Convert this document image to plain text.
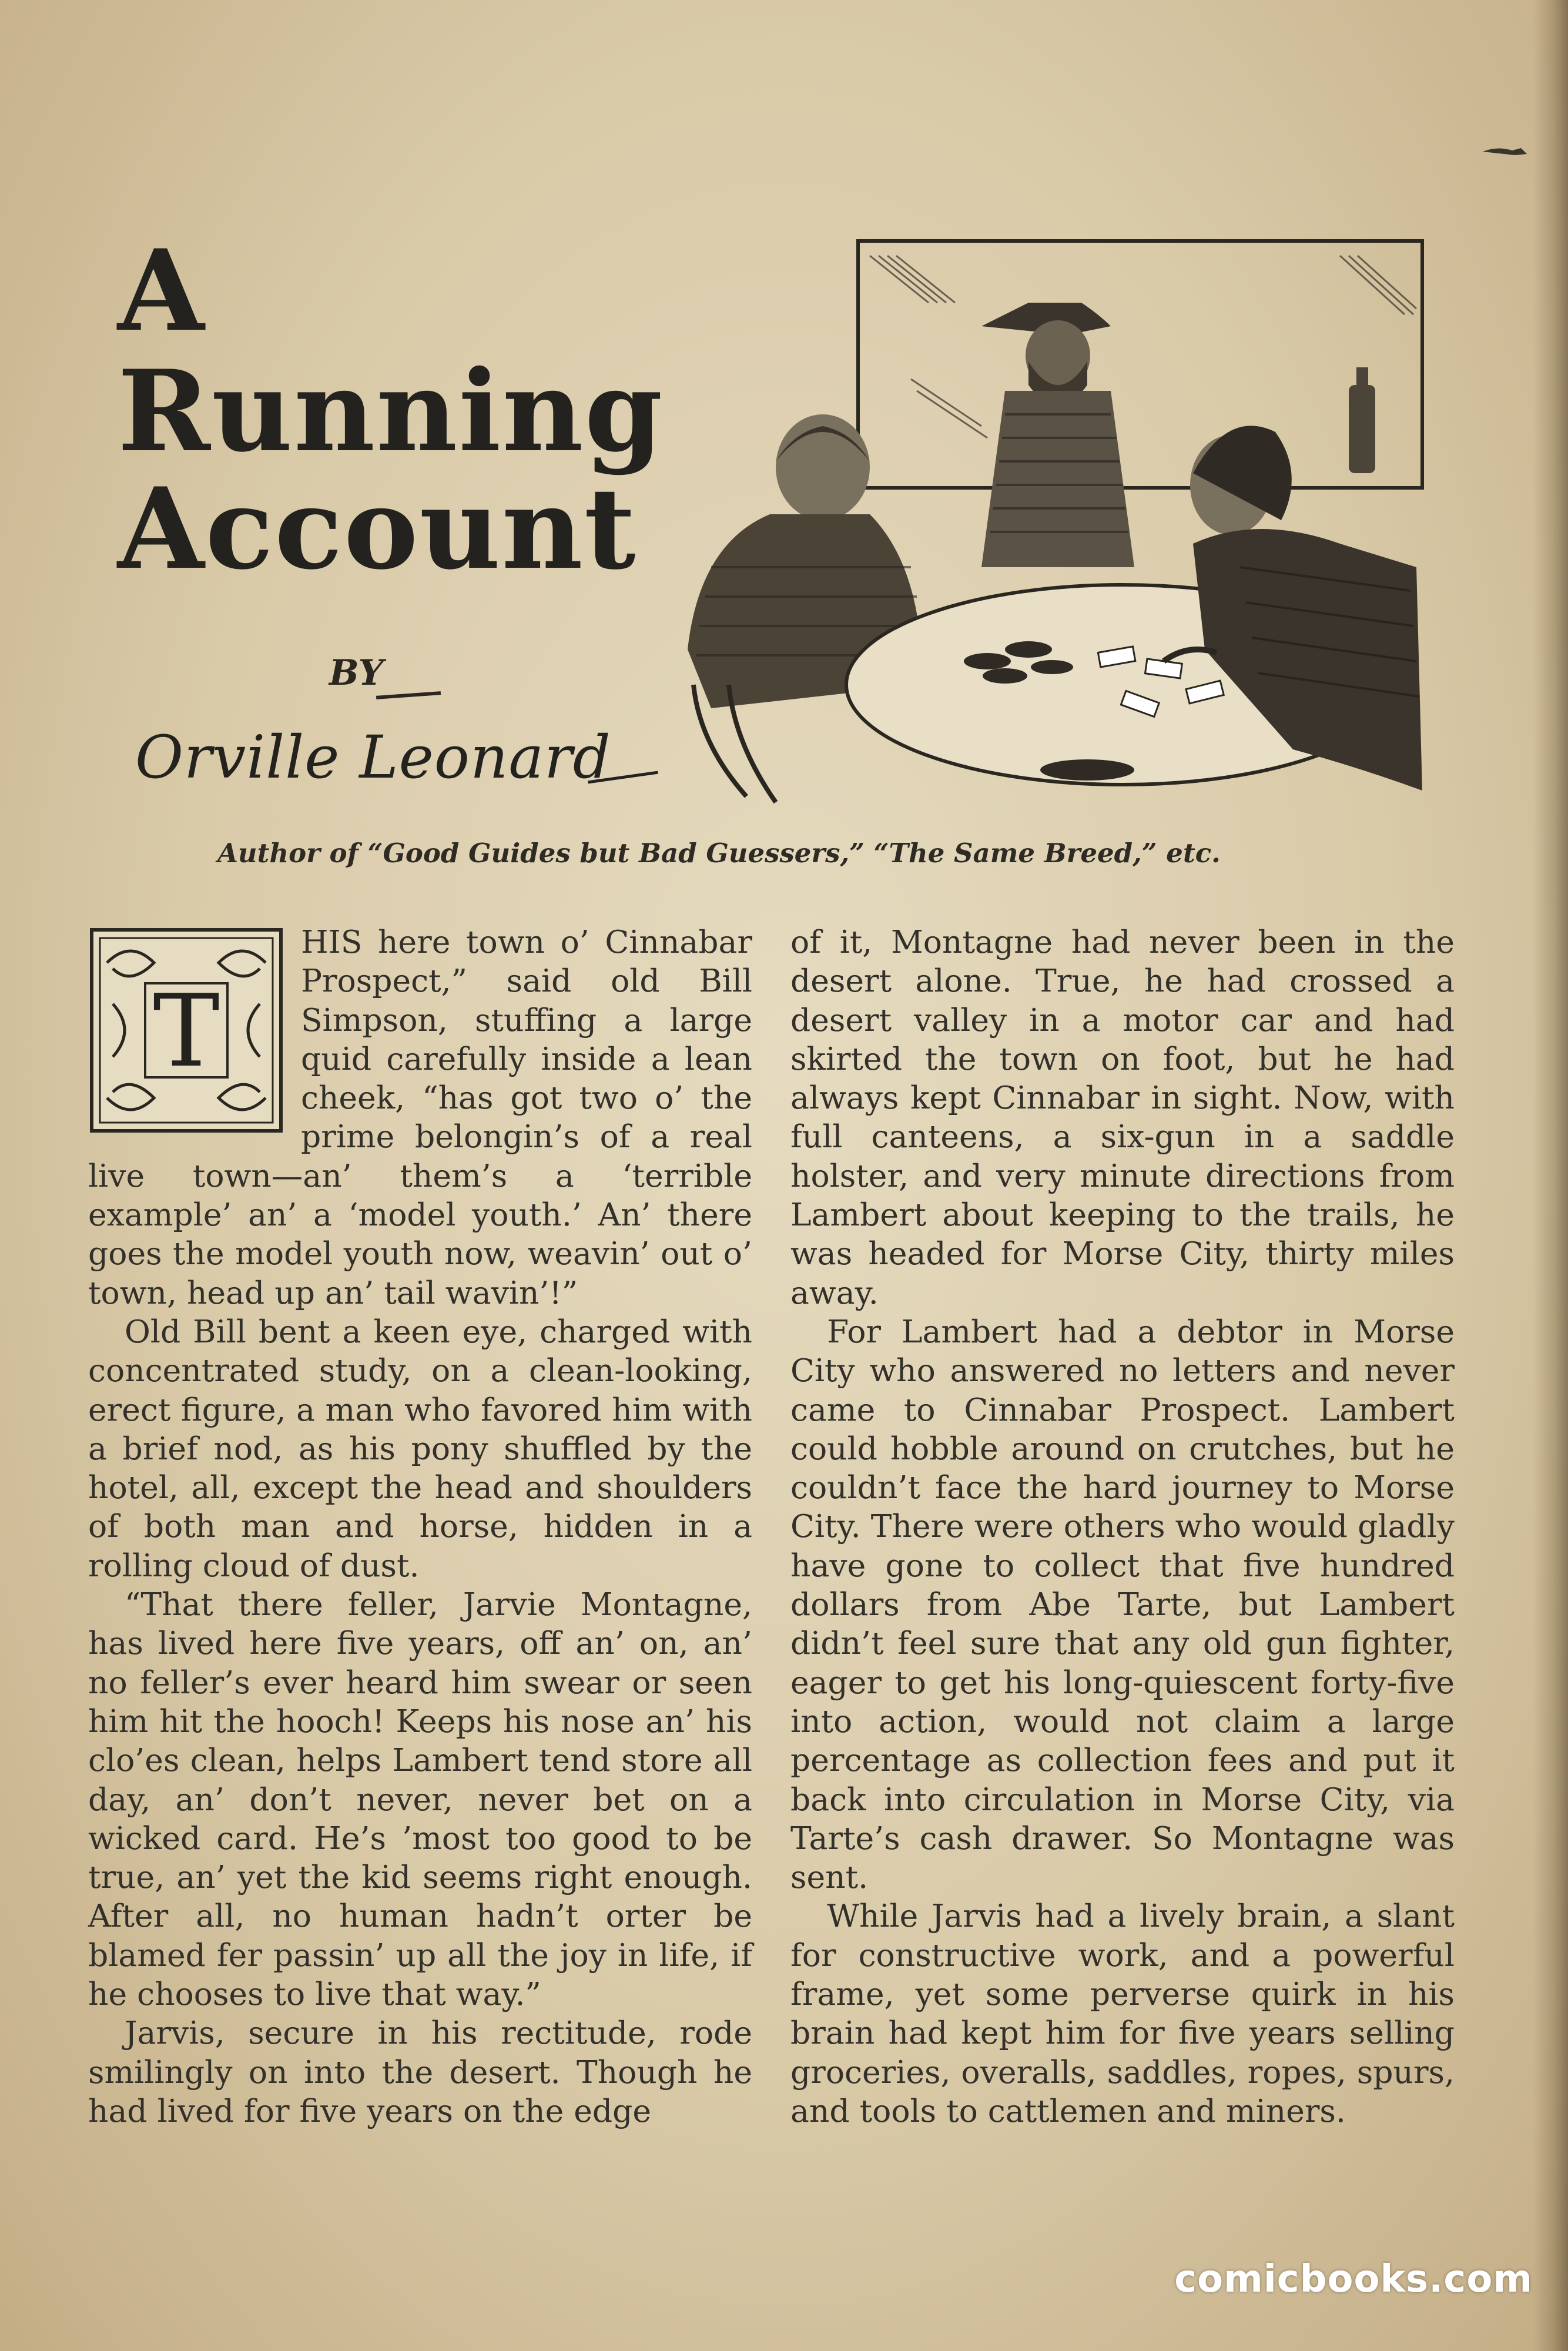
A
Running
Account
BY
Orville Leonard
Author of “Good Guides but Bad Guessers,” “The Same Breed,” etc.
T

HIS here town o’ Cinnabar Prospect,” said old Bill Simpson, stuffing a large quid carefully inside a lean cheek, “has got two o’ the prime belongin’s of a real live town—an’ them’s a ‘terrible example’ an’ a ‘model youth.’ An’ there goes the model youth now, weavin’ out o’ town, head up an’ tail wavin’!”

Old Bill bent a keen eye, charged with concentrated study, on a clean-looking, erect figure, a man who favored him with a brief nod, as his pony shuffled by the hotel, all, except the head and shoulders of both man and horse, hidden in a rolling cloud of dust.

“That there feller, Jarvie Montagne, has lived here five years, off an’ on, an’ no feller’s ever heard him swear or seen him hit the hooch! Keeps his nose an’ his clo’es clean, helps Lambert tend store all day, an’ don’t never, never bet on a wicked card. He’s ’most too good to be true, an’ yet the kid seems right enough. After all, no human hadn’t orter be blamed fer passin’ up all the joy in life, if he chooses to live that way.”

Jarvis, secure in his rectitude, rode smilingly on into the desert. Though he had lived for five years on the edge

of it, Montagne had never been in the desert alone. True, he had crossed a desert valley in a motor car and had skirted the town on foot, but he had always kept Cinnabar in sight. Now, with full canteens, a six-gun in a saddle holster, and very minute directions from Lambert about keeping to the trails, he was headed for Morse City, thirty miles away.

For Lambert had a debtor in Morse City who answered no letters and never came to Cinnabar Prospect. Lambert could hobble around on crutches, but he couldn’t face the hard journey to Morse City. There were others who would gladly have gone to collect that five hundred dollars from Abe Tarte, but Lambert didn’t feel sure that any old gun fighter, eager to get his long-quiescent forty-five into action, would not claim a large percentage as collection fees and put it back into circulation in Morse City, via Tarte’s cash drawer. So Montagne was sent.

While Jarvis had a lively brain, a slant for constructive work, and a powerful frame, yet some perverse quirk in his brain had kept him for five years selling groceries, overalls, saddles, ropes, spurs, and tools to cattlemen and miners.

comicbooks.com
